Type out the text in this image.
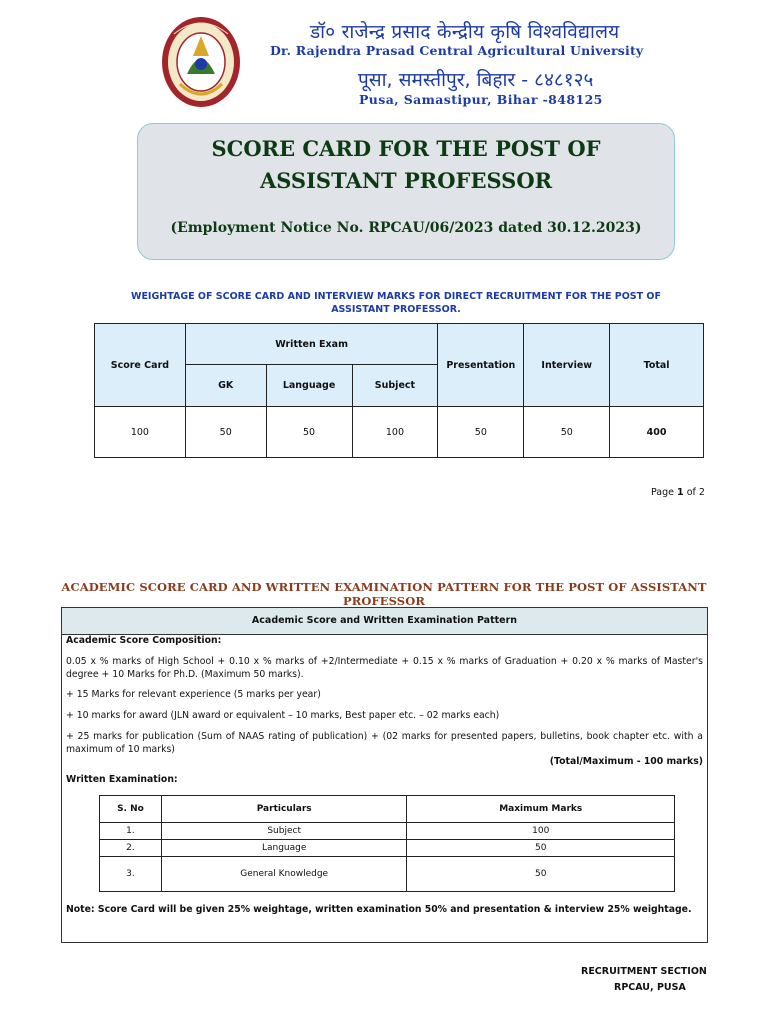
डॉ० राजेन्द्र प्रसाद केन्द्रीय कृषि विश्वविद्यालय
Dr. Rajendra Prasad Central Agricultural University
पूसा, समस्तीपुर, बिहार - ८४८१२५
Pusa, Samastipur, Bihar -848125
SCORE CARD FOR THE POST OF
ASSISTANT PROFESSOR
(Employment Notice No. RPCAU/06/2023 dated 30.12.2023)
WEIGHTAGE OF SCORE CARD AND INTERVIEW MARKS FOR DIRECT RECRUITMENT FOR THE POST OF
ASSISTANT PROFESSOR.
Score Card	Written Exam			Presentation	Interview	Total
	GK	Language	Subject			
100	50	50	100	50	50	400
Page 1 of 2
ACADEMIC SCORE CARD AND WRITTEN EXAMINATION PATTERN FOR THE POST OF ASSISTANT PROFESSOR
Academic Score and Written Examination Pattern
Academic Score Composition:
0.05 x % marks of High School + 0.10 x % marks of +2/Intermediate + 0.15 x % marks of Graduation + 0.20 x % marks of Master's degree + 10 Marks for Ph.D. (Maximum 50 marks).
+ 15 Marks for relevant experience (5 marks per year)
+ 10 marks for award (JLN award or equivalent – 10 marks, Best paper etc. – 02 marks each)
+ 25 marks for publication (Sum of NAAS rating of publication) + (02 marks for presented papers, bulletins, book chapter etc. with a maximum of 10 marks)
(Total/Maximum - 100 marks)
Written Examination:
S. No	Particulars	Maximum Marks
1.	Subject	100
2.	Language	50
3.	General Knowledge	50
Note: Score Card will be given 25% weightage, written examination 50% and presentation & interview 25% weightage.
RECRUITMENT SECTION
RPCAU, PUSA
